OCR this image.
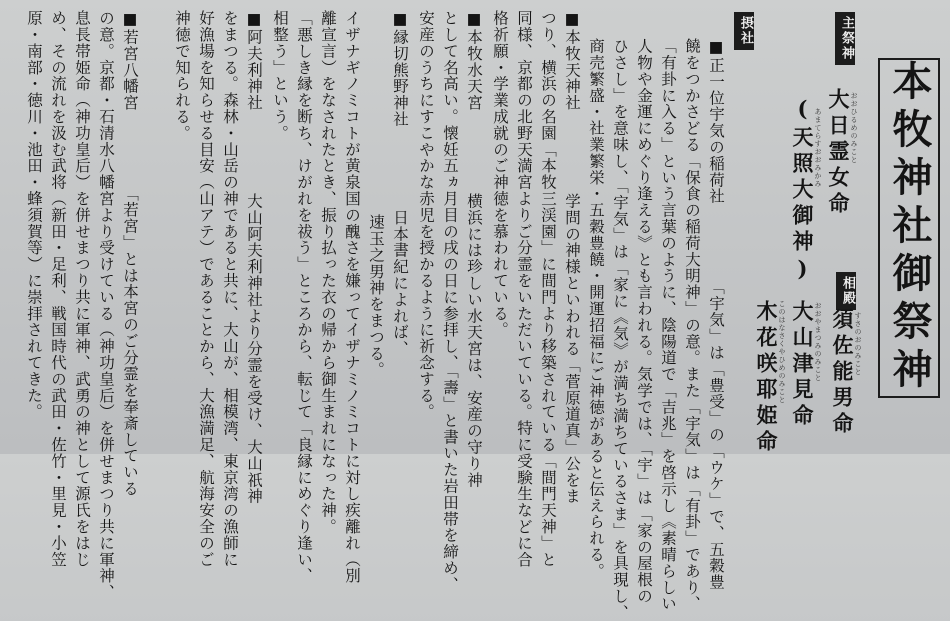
本牧神社御祭神
主祭神
大日霊女命 おおひるめのみこと
(天照大御神) あまてらすおおみかみ
相殿
須佐能男命 すさのおのみこと
大山津見命 おおやまつみのみこと
木花咲耶姫命 このはなさくやひめのみこと
摂社
■正一位宇気の稲荷社　　　　　「宇気」は「豊受」の「ウケ」で、五穀豊
饒をつかさどる「保食の稲荷大明神」の意。また「宇気」は「有卦」であり、
「有卦に入る」という言葉のように、陰陽道で「吉兆」を啓示し《素晴らしい
人物や金運にめぐり逢える》とも言われる。気学では、「宇」は「家の屋根の
ひさし」を意味し、「宇気」は「家に《気》が満ち満ちているさま」を具現し、
商売繁盛・社業繁栄・五穀豊饒・開運招福にご神徳があると伝えられる。
■本牧天神社　　　　　学問の神様といわれる「菅原道真」公をま
つり、横浜の名園「本牧三渓園」に間門より移築されている「間門天神」と
同様、京都の北野天満宮よりご分霊をいただいている。特に受験生などに合
格祈願・学業成就のご神徳を慕われている。
■本牧水天宮　　　　　横浜には珍しい水天宮は、安産の守り神
として名高い。懐妊五ヵ月目の戌の日に参拝し、「壽」と書いた岩田帯を締め、
安産のうちにすこやかな赤児を授かるように祈念する。
■縁切熊野神社　　　　　日本書紀によれば、
速玉之男神をまつる。
イザナギノミコトが黄泉国の醜さを嫌ってイザナミノミコトに対し疾離れ（別
離宣言）をなされたとき、振り払った衣の帰から御生まれになった神。
「悪しき縁を断ち、けがれを祓う」ところから、転じて「良縁にめぐり逢い、
相整う」という。
■阿夫利神社　　　　　大山阿夫利神社より分霊を受け、大山祇神
をまつる。森林・山岳の神であると共に、大山が、相模湾、東京湾の漁師に
好漁場を知らせる目安（山アテ）であることから、大漁満足、航海安全のご
神徳で知られる。
■若宮八幡宮　　　　　「若宮」とは本宮のご分霊を奉斎している
の意。京都・石清水八幡宮より受けている（神功皇后）を併せまつり共に軍神、
息長帯姫命（神功皇后）を併せまつり共に軍神、武勇の神として源氏をはじ
め、その流れを汲む武将（新田・足利、戦国時代の武田・佐竹・里見・小笠
原・南部・徳川・池田・蜂須賀等）に崇拝されてきた。
